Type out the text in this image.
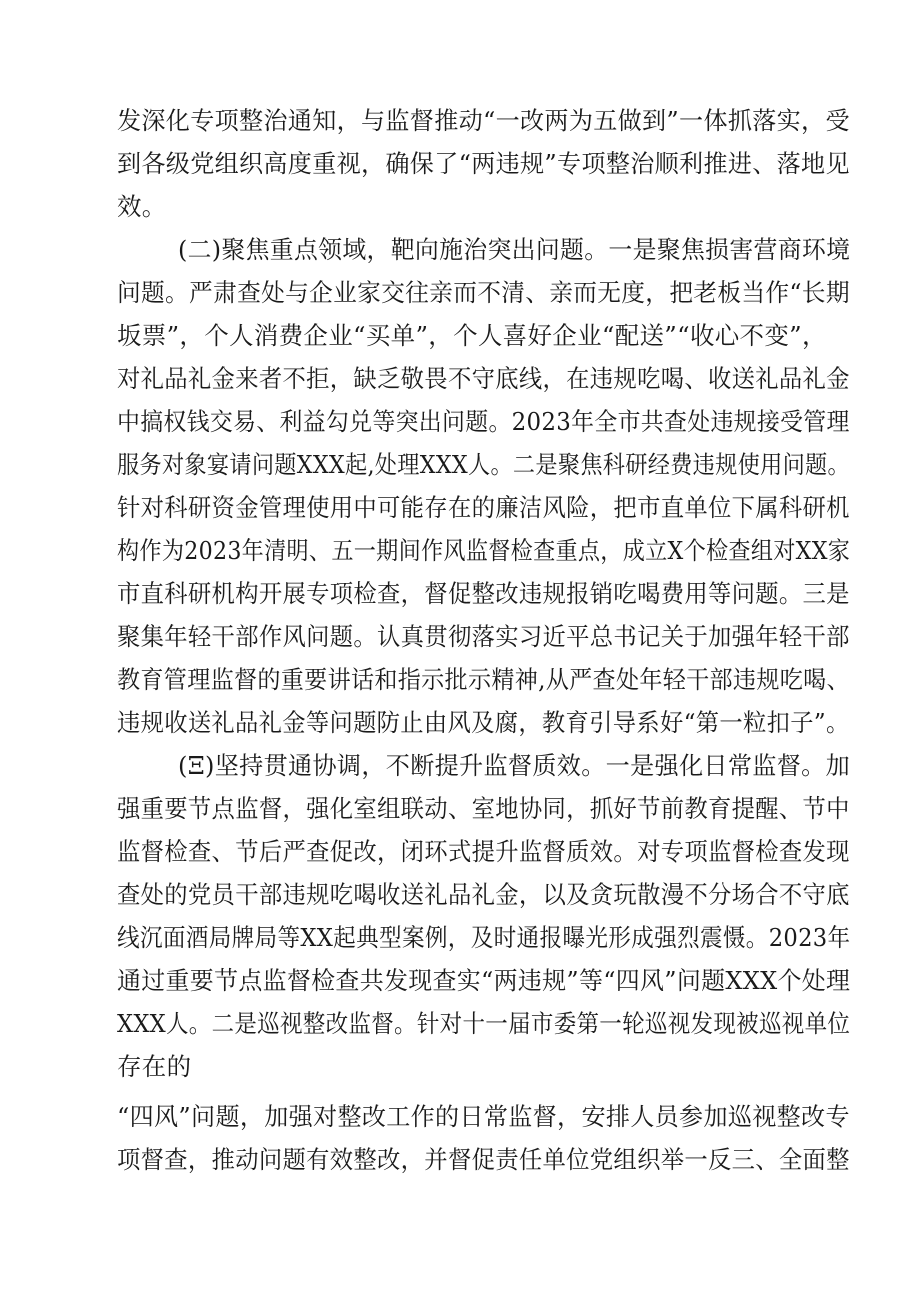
发深化专项整治通知，与监督推动“一改两为五做到”一体抓落实，受
到各级党组织高度重视，确保了“两违规”专项整治顺利推进、落地见
效。
(二)聚焦重点领域，靶向施治突出问题。一是聚焦损害营商环境
问题。严肃查处与企业家交往亲而不清、亲而无度，把老板当作“长期
坂票”，个人消费企业“买单”，个人喜好企业“配送”“收心不变”，
对礼品礼金来者不拒，缺乏敬畏不守底线，在违规吃喝、收送礼品礼金
中搞权钱交易、利益勾兑等突出问题。2023年全市共查处违规接受管理
服务对象宴请问题XXX起,处理XXX人。二是聚焦科研经费违规使用问题。
针对科研资金管理使用中可能存在的廉洁风险，把市直单位下属科研机
构作为2023年清明、五一期间作风监督检查重点，成立X个检查组对XX家
市直科研机构开展专项检查，督促整改违规报销吃喝费用等问题。三是
聚集年轻干部作风问题。认真贯彻落实习近平总书记关于加强年轻干部
教育管理监督的重要讲话和指示批示精神,从严查处年轻干部违规吃喝、
违规收送礼品礼金等问题防止由风及腐，教育引导系好“第一粒扣子”。
(Ξ)坚持贯通协调，不断提升监督质效。一是强化日常监督。加
强重要节点监督，强化室组联动、室地协同，抓好节前教育提醒、节中
监督检查、节后严查促改，闭环式提升监督质效。对专项监督检查发现
查处的党员干部违规吃喝收送礼品礼金，以及贪玩散漫不分场合不守底
线沉面酒局牌局等XX起典型案例，及时通报曝光形成强烈震慑。2023年
通过重要节点监督检查共发现查实“两违规”等“四风”问题XXX个处理
XXX人。二是巡视整改监督。针对十一届市委第一轮巡视发现被巡视单位
存在的
“四风”问题，加强对整改工作的日常监督，安排人员参加巡视整改专
项督查，推动问题有效整改，并督促责任单位党组织举一反三、全面整
